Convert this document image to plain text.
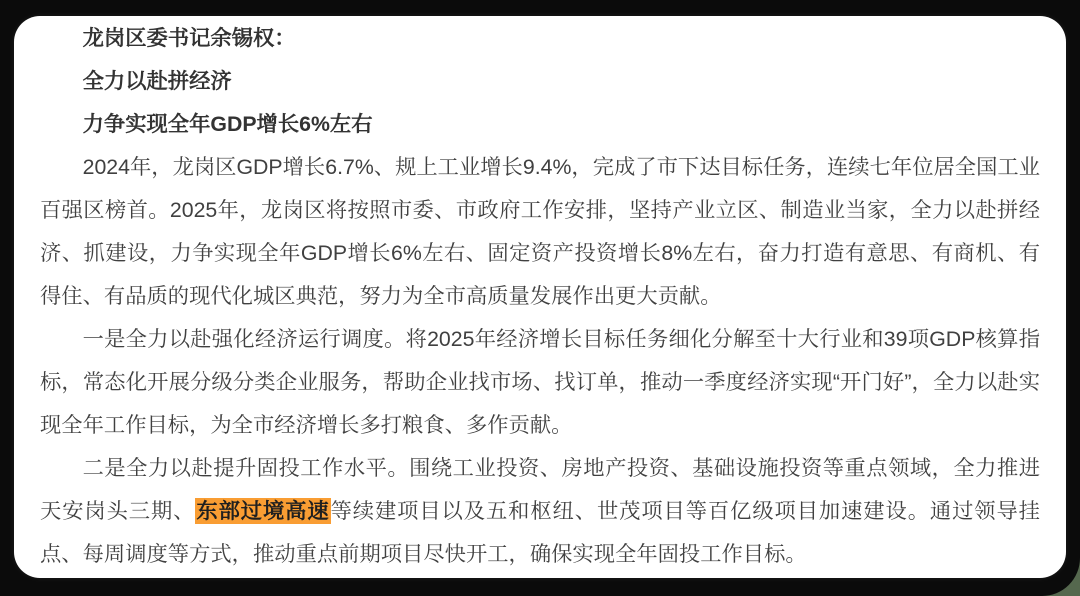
龙岗区委书记余锡权：
全力以赴拼经济
力争实现全年GDP增长6%左右

2024年，龙岗区GDP增长6.7%、规上工业增长9.4%，完成了市下达目标任务，连续七年位居全国工业百强区榜首。2025年，龙岗区将按照市委、市政府工作安排，坚持产业立区、制造业当家，全力以赴拼经济、抓建设，力争实现全年GDP增长6%左右、固定资产投资增长8%左右，奋力打造有意思、有商机、有得住、有品质的现代化城区典范，努力为全市高质量发展作出更大贡献。

一是全力以赴强化经济运行调度。将2025年经济增长目标任务细化分解至十大行业和39项GDP核算指标，常态化开展分级分类企业服务，帮助企业找市场、找订单，推动一季度经济实现“开门好”，全力以赴实现全年工作目标，为全市经济增长多打粮食、多作贡献。

二是全力以赴提升固投工作水平。围绕工业投资、房地产投资、基础设施投资等重点领域，全力推进天安岗头三期、东部过境高速等续建项目以及五和枢纽、世茂项目等百亿级项目加速建设。通过领导挂点、每周调度等方式，推动重点前期项目尽快开工，确保实现全年固投工作目标。
